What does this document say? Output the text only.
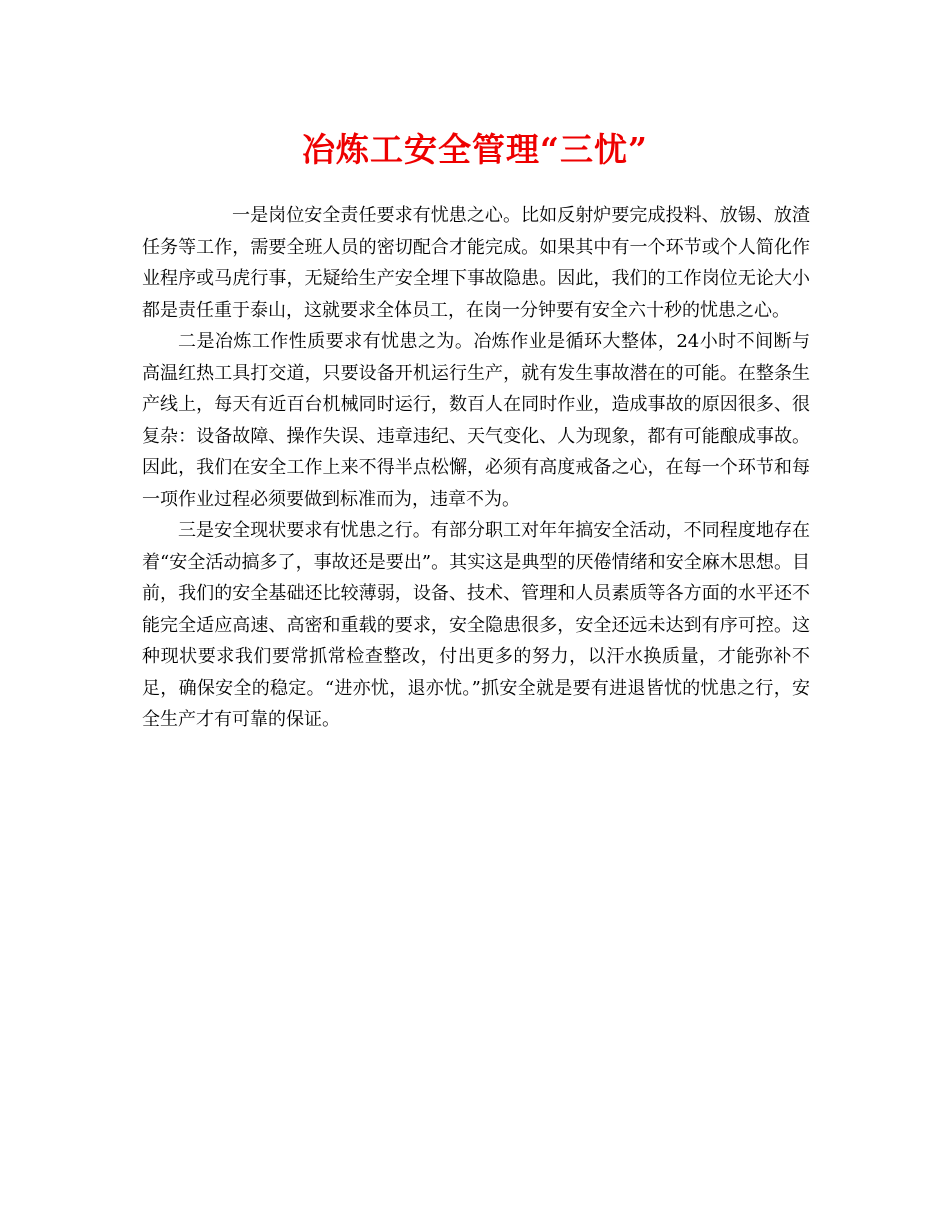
冶炼工安全管理“三忧”

一是岗位安全责任要求有忧患之心。比如反射炉要完成投料、放锡、放渣任务等工作，需要全班人员的密切配合才能完成。如果其中有一个环节或个人简化作业程序或马虎行事，无疑给生产安全埋下事故隐患。因此，我们的工作岗位无论大小都是责任重于泰山，这就要求全体员工，在岗一分钟要有安全六十秒的忧患之心。

二是冶炼工作性质要求有忧患之为。冶炼作业是循环大整体，24小时不间断与高温红热工具打交道，只要设备开机运行生产，就有发生事故潜在的可能。在整条生产线上，每天有近百台机械同时运行，数百人在同时作业，造成事故的原因很多、很复杂：设备故障、操作失误、违章违纪、天气变化、人为现象，都有可能酿成事故。因此，我们在安全工作上来不得半点松懈，必须有高度戒备之心，在每一个环节和每一项作业过程必须要做到标准而为，违章不为。

三是安全现状要求有忧患之行。有部分职工对年年搞安全活动，不同程度地存在着“安全活动搞多了，事故还是要出”。其实这是典型的厌倦情绪和安全麻木思想。目前，我们的安全基础还比较薄弱，设备、技术、管理和人员素质等各方面的水平还不能完全适应高速、高密和重载的要求，安全隐患很多，安全还远未达到有序可控。这种现状要求我们要常抓常检查整改，付出更多的努力，以汗水换质量，才能弥补不足，确保安全的稳定。“进亦忧，退亦忧。”抓安全就是要有进退皆忧的忧患之行，安全生产才有可靠的保证。
